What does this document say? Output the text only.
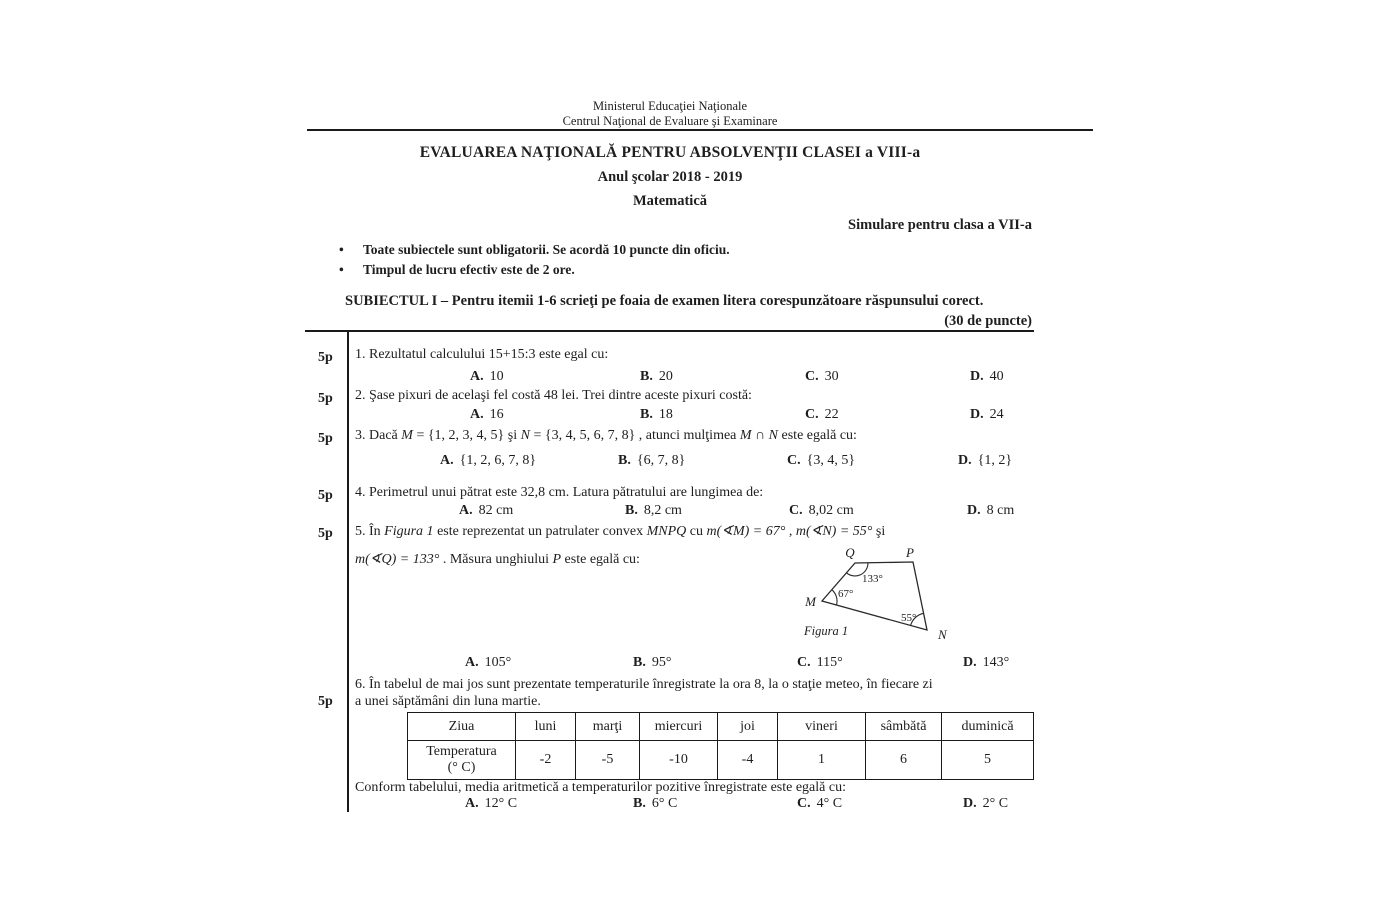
Ministerul Educaţiei Naţionale
Centrul Naţional de Evaluare şi Examinare
EVALUAREA NAŢIONALĂ PENTRU ABSOLVENŢII CLASEI a VIII-a
Anul şcolar 2018 - 2019
Matematică
Simulare pentru clasa a VII-a
• Toate subiectele sunt obligatorii. Se acordă 10 puncte din oficiu.
• Timpul de lucru efectiv este de 2 ore.
SUBIECTUL I – Pentru itemii 1-6 scrieţi pe foaia de examen litera corespunzătoare răspunsului corect.
(30 de puncte)
5p
5p
5p
5p
5p
5p
1. Rezultatul calculului 15+15:3 este egal cu:
A. 10	B. 20	C. 30	D. 40
2. Şase pixuri de acelaşi fel costă 48 lei. Trei dintre aceste pixuri costă:
A. 16	B. 18	C. 22	D. 24
3. Dacă M = {1, 2, 3, 4, 5} şi N = {3, 4, 5, 6, 7, 8} , atunci mulţimea M ∩ N este egală cu:
A. {1, 2, 6, 7, 8}	B. {6, 7, 8}	C. {3, 4, 5}	D. {1, 2}
4. Perimetrul unui pătrat este 32,8 cm. Latura pătratului are lungimea de:
A. 82 cm	B. 8,2 cm	C. 8,02 cm	D. 8 cm
5. În Figura 1 este reprezentat un patrulater convex MNPQ cu m(∢M) = 67° , m(∢N) = 55° şi
m(∢Q) = 133° . Măsura unghiului P este egală cu:	Q	P
M
N
133°
67°
55°
Figura 1
A. 105°	B. 95°	C. 115°	D. 143°
6. În tabelul de mai jos sunt prezentate temperaturile înregistrate la ora 8, la o staţie meteo, în fiecare zi
a unei săptămâni din luna martie.
Ziua	luni	marţi	miercuri	joi	vineri	sâmbătă	duminică

Temperatura
(° C)	-2	-5	-10	-4	1	6	5
Conform tabelului, media aritmetică a temperaturilor pozitive înregistrate este egală cu:
A. 12° C	B. 6° C	C. 4° C	D. 2° C
